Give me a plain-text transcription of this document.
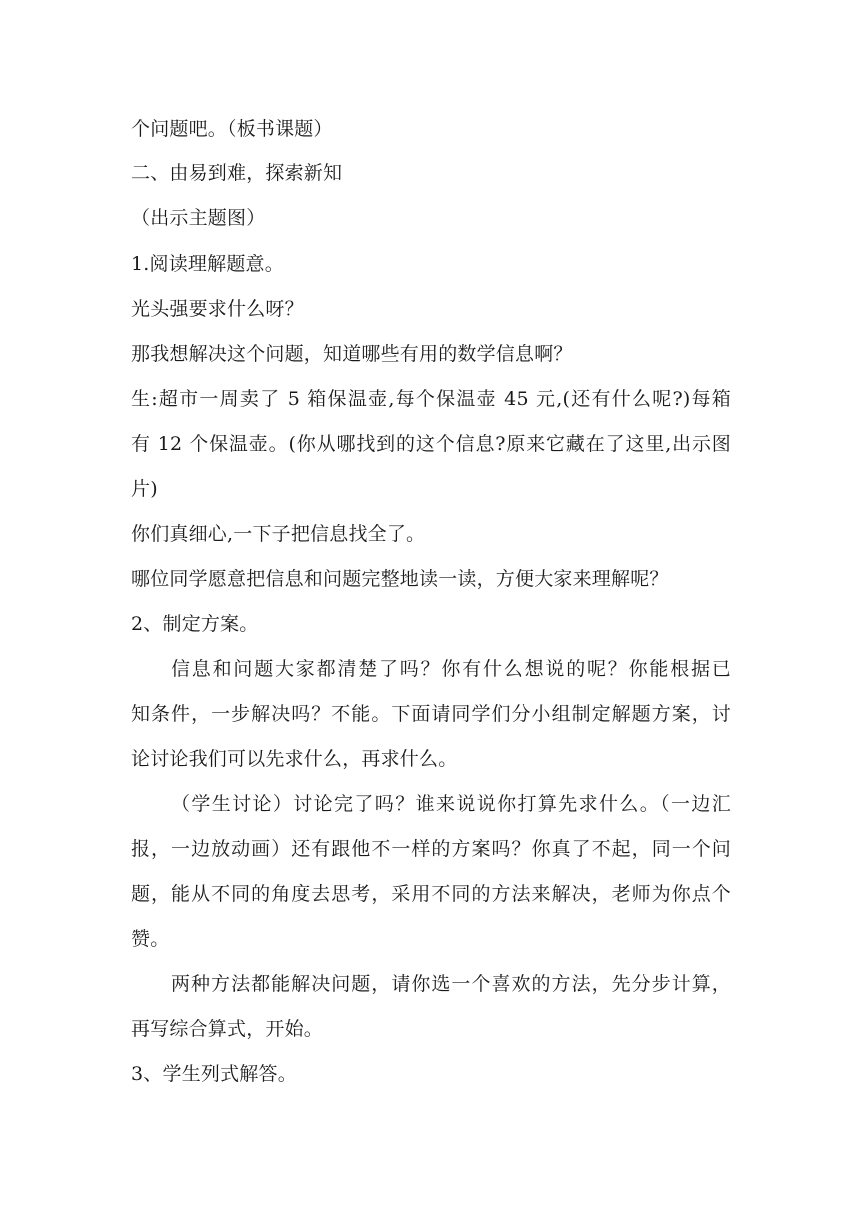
个问题吧。（板书课题）
二、由易到难，探索新知
（出示主题图）
1.阅读理解题意。
光头强要求什么呀？
那我想解决这个问题，知道哪些有用的数学信息啊？
生:超市一周卖了 5 箱保温壶,每个保温壶 45 元,(还有什么呢?)每箱
有 12 个保温壶。(你从哪找到的这个信息?原来它藏在了这里,出示图
片)
你们真细心,一下子把信息找全了。
哪位同学愿意把信息和问题完整地读一读，方便大家来理解呢？
2、制定方案。
信息和问题大家都清楚了吗？你有什么想说的呢？你能根据已
知条件，一步解决吗？不能。下面请同学们分小组制定解题方案，讨
论讨论我们可以先求什么，再求什么。
（学生讨论）讨论完了吗？谁来说说你打算先求什么。（一边汇
报，一边放动画）还有跟他不一样的方案吗？你真了不起，同一个问
题，能从不同的角度去思考，采用不同的方法来解决，老师为你点个
赞。
两种方法都能解决问题，请你选一个喜欢的方法，先分步计算，
再写综合算式，开始。
3、学生列式解答。
